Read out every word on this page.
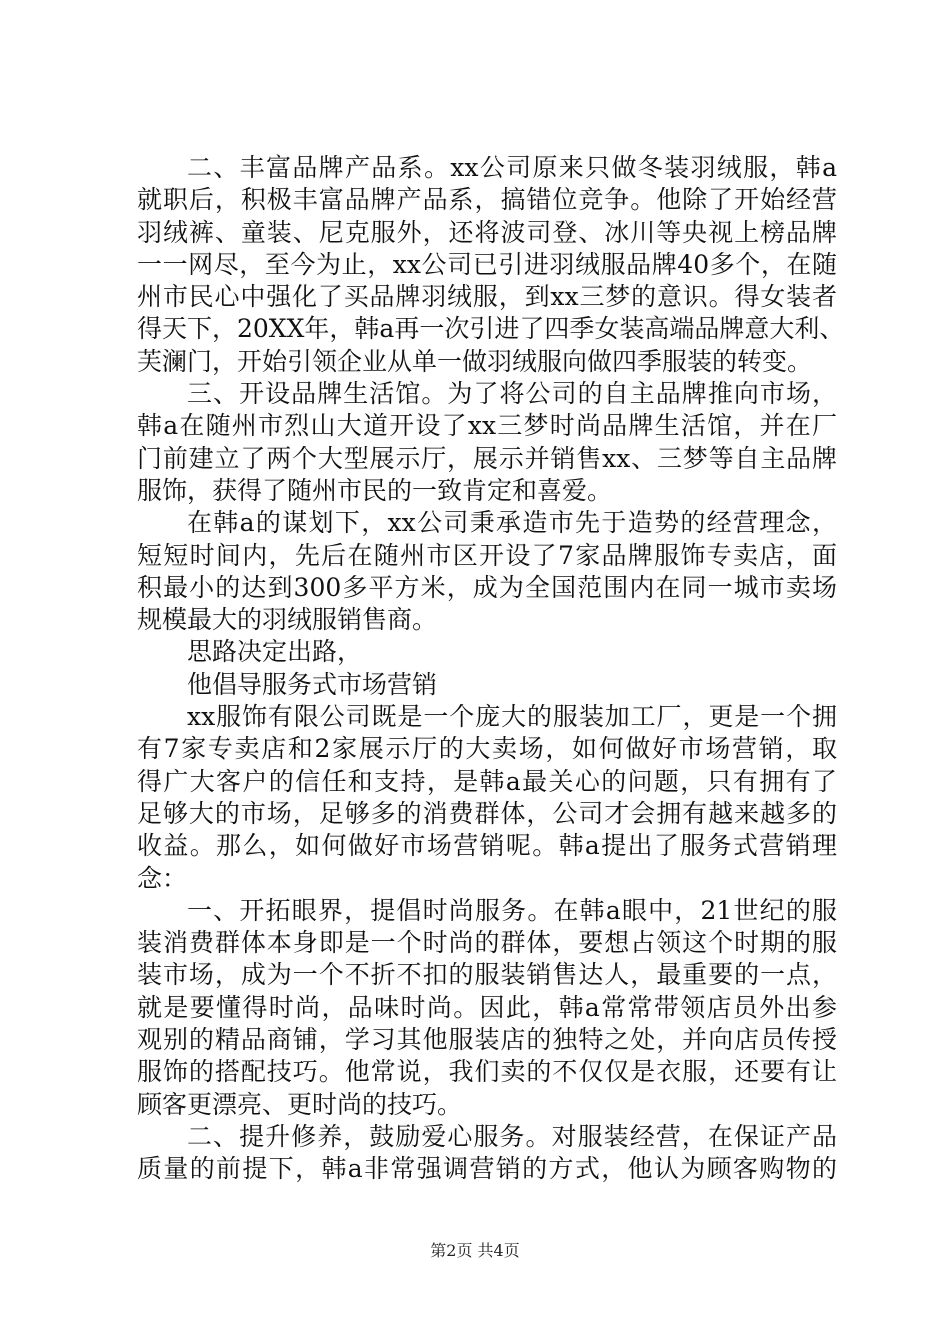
二、丰富品牌产品系。xx公司原来只做冬装羽绒服，韩a
就职后，积极丰富品牌产品系，搞错位竞争。他除了开始经营
羽绒裤、童装、尼克服外，还将波司登、冰川等央视上榜品牌
一一网尽，至今为止，xx公司已引进羽绒服品牌40多个，在随
州市民心中强化了买品牌羽绒服，到xx三梦的意识。得女装者
得天下，20XX年，韩a再一次引进了四季女装高端品牌意大利、
芙澜门，开始引领企业从单一做羽绒服向做四季服装的转变。
三、开设品牌生活馆。为了将公司的自主品牌推向市场，
韩a在随州市烈山大道开设了xx三梦时尚品牌生活馆，并在厂
门前建立了两个大型展示厅，展示并销售xx、三梦等自主品牌
服饰，获得了随州市民的一致肯定和喜爱。
在韩a的谋划下，xx公司秉承造市先于造势的经营理念，
短短时间内，先后在随州市区开设了7家品牌服饰专卖店，面
积最小的达到300多平方米，成为全国范围内在同一城市卖场
规模最大的羽绒服销售商。
思路决定出路，
他倡导服务式市场营销
xx服饰有限公司既是一个庞大的服装加工厂，更是一个拥
有7家专卖店和2家展示厅的大卖场，如何做好市场营销，取
得广大客户的信任和支持，是韩a最关心的问题，只有拥有了
足够大的市场，足够多的消费群体，公司才会拥有越来越多的
收益。那么，如何做好市场营销呢。韩a提出了服务式营销理
念：
一、开拓眼界，提倡时尚服务。在韩a眼中，21世纪的服
装消费群体本身即是一个时尚的群体，要想占领这个时期的服
装市场，成为一个不折不扣的服装销售达人，最重要的一点，
就是要懂得时尚，品味时尚。因此，韩a常常带领店员外出参
观别的精品商铺，学习其他服装店的独特之处，并向店员传授
服饰的搭配技巧。他常说，我们卖的不仅仅是衣服，还要有让
顾客更漂亮、更时尚的技巧。
二、提升修养，鼓励爱心服务。对服装经营，在保证产品
质量的前提下，韩a非常强调营销的方式，他认为顾客购物的
第2页 共4页
